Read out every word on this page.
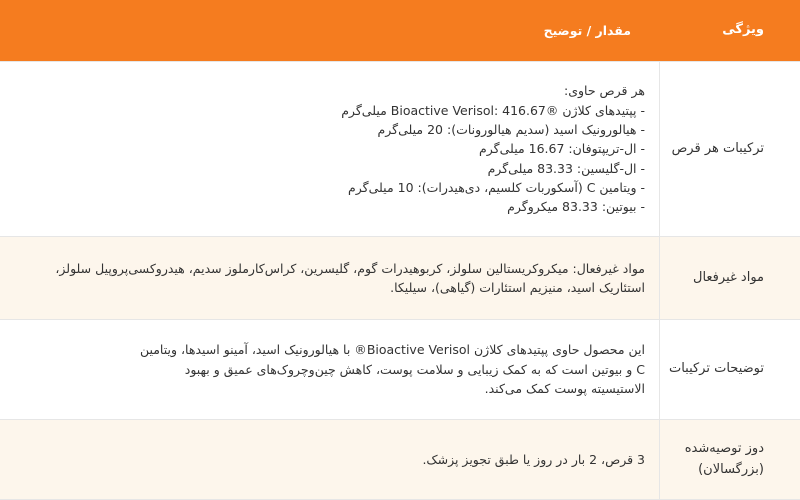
ویژگی
مقدار / توضیح
ترکیبات هر قرص
هر قرص حاوی:
- پپتیدهای کلاژن ®Bioactive Verisol: 416.67 میلی‌گرم
- هیالورونیک اسید (سدیم هیالورونات): 20 میلی‌گرم
- ال-تریپتوفان: 16.67 میلی‌گرم
- ال-گلیسین: 83.33 میلی‌گرم
- ویتامین C (آسکوربات کلسیم، دی‌هیدرات): 10 میلی‌گرم
- بیوتین: 83.33 میکروگرم
مواد غیرفعال
مواد غیرفعال: میکروکریستالین سلولز، کربوهیدرات گوم، گلیسرین، کراس‌کارملوز سدیم، هیدروکسی‌پروپیل سلولز، استئاریک اسید، منیزیم استئارات (گیاهی)، سیلیکا.
توضیحات ترکیبات
این محصول حاوی پپتیدهای کلاژن Bioactive Verisol® با هیالورونیک اسید، آمینو اسیدها، ویتامین C و بیوتین است که به کمک زیبایی و سلامت پوست، کاهش چین‌وچروک‌های عمیق و بهبود الاستیسیته پوست کمک می‌کند.
دوز توصیه‌شده (بزرگسالان)
3 قرص، 2 بار در روز یا طبق تجویز پزشک.
